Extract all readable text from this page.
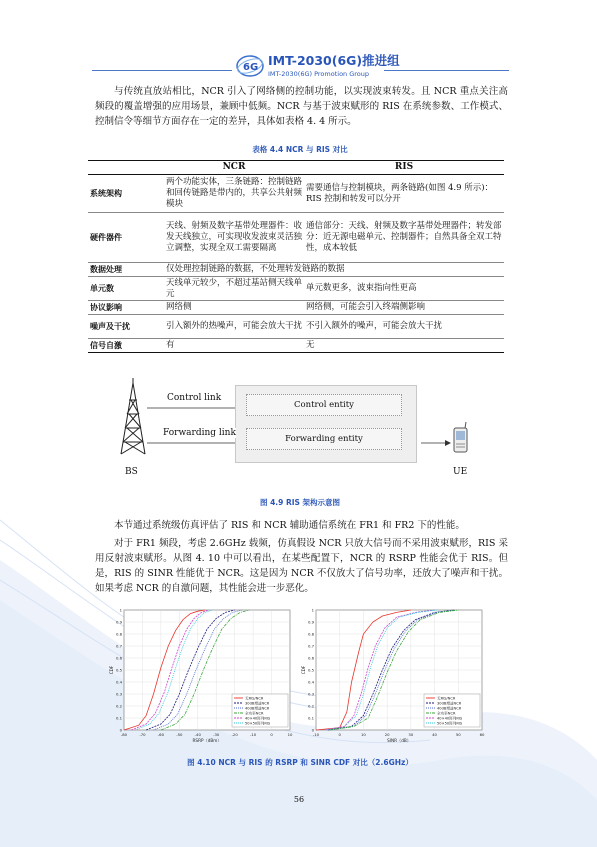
6G IMT-2030(6G)推进组
IMT-2030(6G) Promotion Group
与传统直放站相比，NCR 引入了网络侧的控制功能，以实现波束转发。且 NCR 重点关注高频段的覆盖增强的应用场景，兼顾中低频。NCR 与基于波束赋形的 RIS 在系统参数、工作模式、控制信令等细节方面存在一定的差异，具体如表格 4. 4 所示。
表格 4.4 NCR 与 RIS 对比
	NCR	RIS
系统架构	两个功能实体，三条链路：控制链路和回传链路是带内的，共享公共射频模块	需要通信与控制模块，两条链路(如图 4.9 所示)：RIS 控制和转发可以分开
硬件器件	天线、射频及数字基带处理器件：收发天线独立，可实现收发波束灵活独立调整，实现全双工需要隔离	通信部分：天线、射频及数字基带处理器件；转发部分：近无源电磁单元、控制器件；自然具备全双工特性，成本较低
数据处理	仅处理控制链路的数据，不处理转发链路的数据	
单元数	天线单元较少，不超过基站侧天线单元	单元数更多，波束指向性更高
协议影响	网络侧	网络侧，可能会引入终端侧影响
噪声及干扰	引入额外的热噪声，可能会放大干扰	不引入额外的噪声，可能会放大干扰
信号自激	有	无
Control entity
Forwarding entity
Control link
Forwarding link
BS	UE
图 4.9 RIS 架构示意图
本节通过系统级仿真评估了 RIS 和 NCR 辅助通信系统在 FR1 和 FR2 下的性能。
对于 FR1 频段，考虑 2.6GHz 载频，仿真假设 NCR 只放大信号而不采用波束赋形，RIS 采用反射波束赋形。从图 4. 10 中可以看出，在某些配置下，NCR 的 RSRP 性能会优于 RIS。但是，RIS 的 SINR 性能优于 NCR。这是因为 NCR 不仅放大了信号功率，还放大了噪声和干扰。如果考虑 NCR 的自激问题，其性能会进一步恶化。
-80	-70	-60	-50	-40	-30	-20	-10	0	10
0
0.1
0.2
0.3
0.4
0.5
0.6
0.7
0.8
0.9
1
RSRP（dBm）
CDF
无RIS/NCR
30dB增益NCR
40dB增益NCR
全功率NCR
40×40阵列RIS
50×50阵列RIS
-10	0	10	20	30	40	50	60
0
0.1
0.2
0.3
0.4
0.5
0.6
0.7
0.8
0.9
1
SINR（dB）
CDF
无RIS/NCR
30dB增益NCR
40dB增益NCR
全功率NCR
40×40阵列RIS
50×50阵列RIS
图 4.10 NCR 与 RIS 的 RSRP 和 SINR CDF 对比（2.6GHz）
56
